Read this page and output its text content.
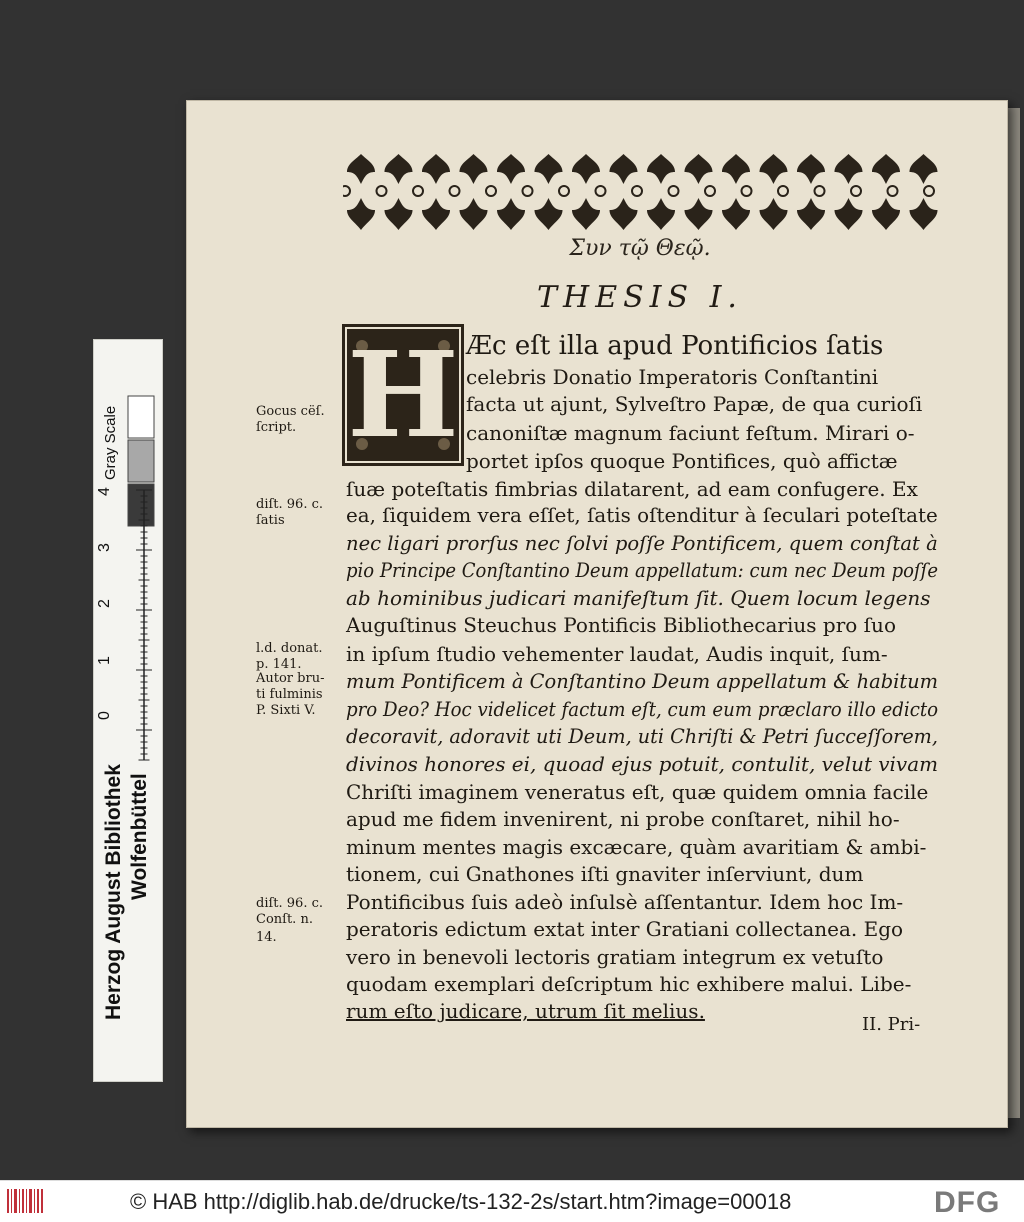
Συν τῷ Θεῷ.
THESIS I.
H Æc eſt illa apud Pontificios ſatis
celebris Donatio Imperatoris Conſtantini
facta ut ajunt, Sylveſtro Papæ, de qua curioſi
canoniſtæ magnum faciunt feſtum. Mirari o-
portet ipſos quoque Pontifices, quò affictæ
ſuæ poteſtatis fimbrias dilatarent, ad eam confugere. Ex
ea, ſiquidem vera eſſet, ſatis oſtenditur à ſeculari poteſtate
nec ligari prorſus nec ſolvi poſſe Pontificem, quem conſtat à
pio Principe Conſtantino Deum appellatum: cum nec Deum poſſe
ab hominibus judicari manifeſtum ſit. Quem locum legens
Auguſtinus Steuchus Pontificis Bibliothecarius pro ſuo
in ipſum ſtudio vehementer laudat, Audis inquit, ſum-
mum Pontificem à Conſtantino Deum appellatum & habitum
pro Deo? Hoc videlicet factum eſt, cum eum præclaro illo edicto
decoravit, adoravit uti Deum, uti Chriſti & Petri ſucceſſorem,
divinos honores ei, quoad ejus potuit, contulit, velut vivam
Chriſti imaginem veneratus eſt, quæ quidem omnia facile
apud me fidem invenirent, ni probe conſtaret, nihil ho-
minum mentes magis excæcare, quàm avaritiam & ambi-
tionem, cui Gnathones iſti gnaviter inſerviunt, dum
Pontificibus ſuis adeò inſulsè aſſentantur. Idem hoc Im-
peratoris edictum extat inter Gratiani collectanea. Ego
vero in benevoli lectoris gratiam integrum ex vetuſto
quodam exemplari deſcriptum hic exhibere malui. Libe-
rum eſto judicare, utrum ſit melius.
Gocus cëſ.
ſcript.
diſt. 96. c.
ſatis
l.d. donat.
p. 141.
Autor bru-
ti fulminis
P. Sixti V.
diſt. 96. c.
Conſt. n.
14.
II. Pri-
0
1
2
3
4
Herzog August Bibliothek Wolfenbüttel
Gray Scale
© HAB http://diglib.hab.de/drucke/ts-132-2s/start.htm?image=00018	DFG
